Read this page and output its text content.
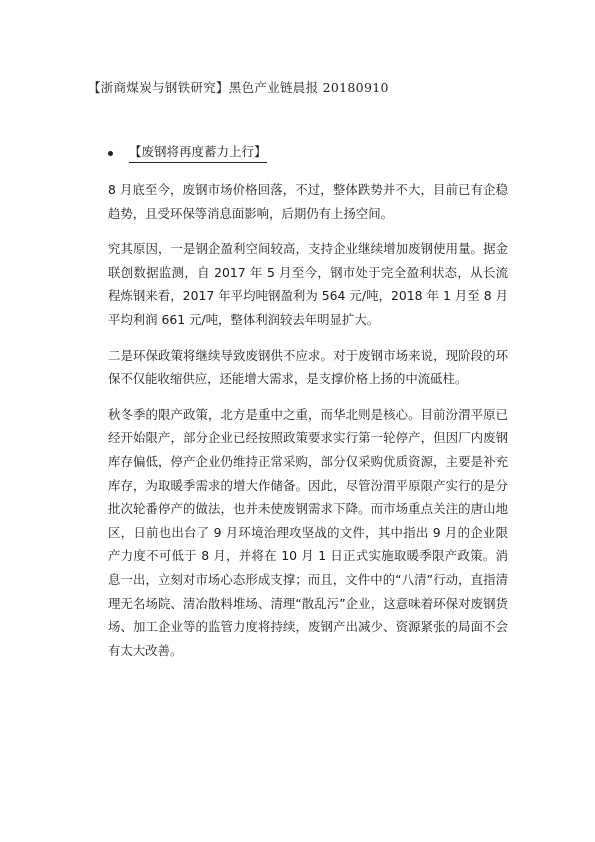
【浙商煤炭与钢铁研究】黑色产业链晨报 20180910
【废钢将再度蓄力上行】

8 月底至今，废钢市场价格回落，不过，整体跌势并不大，目前已有企稳趋势，且受环保等消息面影响，后期仍有上扬空间。

究其原因，一是钢企盈利空间较高，支持企业继续增加废钢使用量。据金联创数据监测，自 2017 年 5 月至今，钢市处于完全盈利状态，从长流程炼钢来看，2017 年平均吨钢盈利为 564 元/吨，2018 年 1 月至 8 月平均利润 661 元/吨，整体利润较去年明显扩大。

二是环保政策将继续导致废钢供不应求。对于废钢市场来说，现阶段的环保不仅能收缩供应，还能增大需求，是支撑价格上扬的中流砥柱。

秋冬季的限产政策，北方是重中之重，而华北则是核心。目前汾渭平原已经开始限产，部分企业已经按照政策要求实行第一轮停产，但因厂内废钢库存偏低，停产企业仍维持正常采购，部分仅采购优质资源，主要是补充库存，为取暖季需求的增大作储备。因此，尽管汾渭平原限产实行的是分批次轮番停产的做法，也并未使废钢需求下降。而市场重点关注的唐山地区，日前也出台了 9 月环境治理攻坚战的文件，其中指出 9 月的企业限产力度不可低于 8 月，并将在 10 月 1 日正式实施取暖季限产政策。消息一出，立刻对市场心态形成支撑；而且，文件中的“八清”行动，直指清理无名场院、清冶散料堆场、清理“散乱污”企业，这意味着环保对废钢货场、加工企业等的监管力度将持续，废钢产出减少、资源紧张的局面不会有太大改善。
